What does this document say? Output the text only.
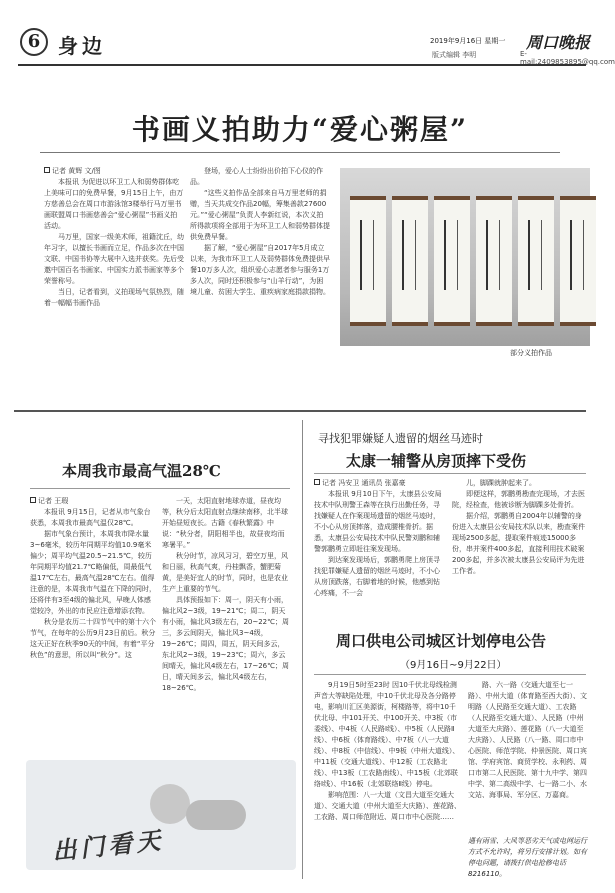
6 身边	2019年9月16日 星期一 周口晚报
版式编辑 李明	E-mail:2409853895@qq.com
书画义拍助力“爱心粥屋”
记者 黄辉 文/图

本报讯 为促进以环卫工人和弱势群体吃上美味可口的免费早餐，9月15日上午，由万方慈善总会在周口市游泳馆3楼举行马万里书画联盟周口书画慈善会“爱心粥屋”书画义拍活动。

马万里，国家一级美术师，祖籍沈丘，幼年习字，以擅长书画而立足，作品多次在中国文联、中国书协等大展中入选并获奖。先后受邀中国百名书画家、中国实力派书画家等多个荣誉称号。

当日，记者看到，义拍现场气氛热烈，随着一幅幅书画作品

登场，爱心人士纷纷出价拍下心仪的作品。

“这些义拍作品全部来自马万里老师的捐赠，当天共成交作品20幅，筹集善款27600元。”“爱心粥屋”负责人李新红说，本次义拍所得款项将全部用于为环卫工人和弱势群体提供免费早餐。

据了解，“爱心粥屋”自2017年5月成立以来，为我市环卫工人及弱势群体免费提供早餐10万多人次，组织爱心志愿者参与服务1万多人次，同时还积极参与“山羊行动”，为困境儿童、贫困大学生、重疾病家庭捐款捐物。

部分义拍作品
本周我市最高气温28℃
记者 王瑕

本报讯 9月15日，记者从市气象台获悉，本周我市最高气温仅28℃。

据市气象台预计，本周我市降水量3~6毫米，较历年同期平均值10.9毫米偏少；周平均气温20.5~21.5℃，较历年同期平均值21.7℃略偏低，周最低气温17℃左右，最高气温28℃左右。值得注意的是，本周我市气温在下降的同时，还将伴有3至4级的偏北风，早晚人体感觉较冷，外出的市民应注意增添衣物。

秋分是农历二十四节气中的第十六个节气，在每年的公历9月23日前后。秋分这天正好在秋季90天的中间，有着“平分秋色”的意思，所以叫“秋分”。这

一天，太阳直射地球赤道，昼夜均等，秋分后太阳直射点继续南移，北半球开始昼短夜长。古籍《春秋繁露》中说：“秋分者，阴阳相半也，故昼夜均而寒暑平。”

秋分时节，凉风习习，碧空万里，风和日丽，秋高气爽，丹桂飘香，蟹肥菊黄，是美好宜人的时节，同时，也是农业生产上重要的节气。

具体预报如下：周一，阴天有小雨，偏北风2~3级，19~21℃；周二，阴天有小雨，偏北风3级左右，20~22℃；周三，多云间阴天，偏北风3~4级，19~26℃；周四，周五，阴天间多云，东北风2~3级，19~23℃；周六，多云间晴天，偏北风4级左右，17~26℃；周日，晴天间多云，偏北风4级左右，18~26℃。

出门看天
寻找犯罪嫌疑人遗留的烟丝马迹时
太康一辅警从房顶摔下受伤
记者 冯安卫 通讯员 张嘉豪

本报讯 9月10日下午，太康县公安局技术中队刑警王森等在执行出勤任务，寻找嫌疑人在作案现场遗留的烟丝马迹时，不小心从房顶摔落，造成腰椎骨折。据悉，太康县公安局技术中队民警刘鹏和辅警郭鹏勇立即赶往案发现场。

到达案发现场后，郭鹏勇爬上房顶寻找犯罪嫌疑人遗留的烟丝马迹时，不小心从房顶跌落，右脚着地的时候，他感到钻心疼痛，不一会

儿，脚踝就肿起来了。

即便这样，郭鹏勇勘查完现场，才去医院，经检查，他被诊断为脚踝多处骨折。

据介绍，郭鹏勇自2004年以辅警的身份进入太康县公安局技术队以来，勘查案件现场2500多起，提取案件痕迹15000多份，串并案件400多起，直接利用技术破案200多起，并多次被太康县公安局评为先进工作者。

周口供电公司城区计划停电公告
（9月16日~9月22日）

9月19日5时至23时 因10千伏北母线检测声音大等缺陷处理，中10千伏北母及各分路停电，影响川汇区美源街，柯楼路等，将中10千伏北母、中101开关、中100开关、中3板（市委线）、中4板（人民路Ⅰ线）、中5板（人民路Ⅱ线）、中6板（体育路线）、中7板（八一大道线）、中8板（中信线）、中9板（中州大道线）、中11板（交通大道线）、中12板（工农路北线）、中13板（工农路南线）、中15板（北郊联络Ⅰ线）、中16板（北郊联络Ⅱ线）停电。

影响范围：八一大道（文昌大道至交通大道）、交通大道（中州大道至大庆路）、莲花路、工农路、周口师范附近、周口市中心医院……

路、六一路（交通大道至七一路）、中州大道（体育路至西大街）、文明路（人民路至交通大道）、工农路（人民路至交通大道）、人民路（中州大道至大庆路）、莲花路（八一大道至大庆路）、人民路（八一路、周口市中心医院、师范学院、仲景医院、周口宾馆、学府宾馆、商贸学校、永利药、周口市第二人民医院、第十九中学、第四中学、第二高级中学、七一路二小、水文站、海事局、军分区、万嘉商。

遇有雨雪、大风等恶劣天气或电网运行方式不允许时，将另行安排计划。如有停电问题，请拨打供电抢修电话 8216110。
